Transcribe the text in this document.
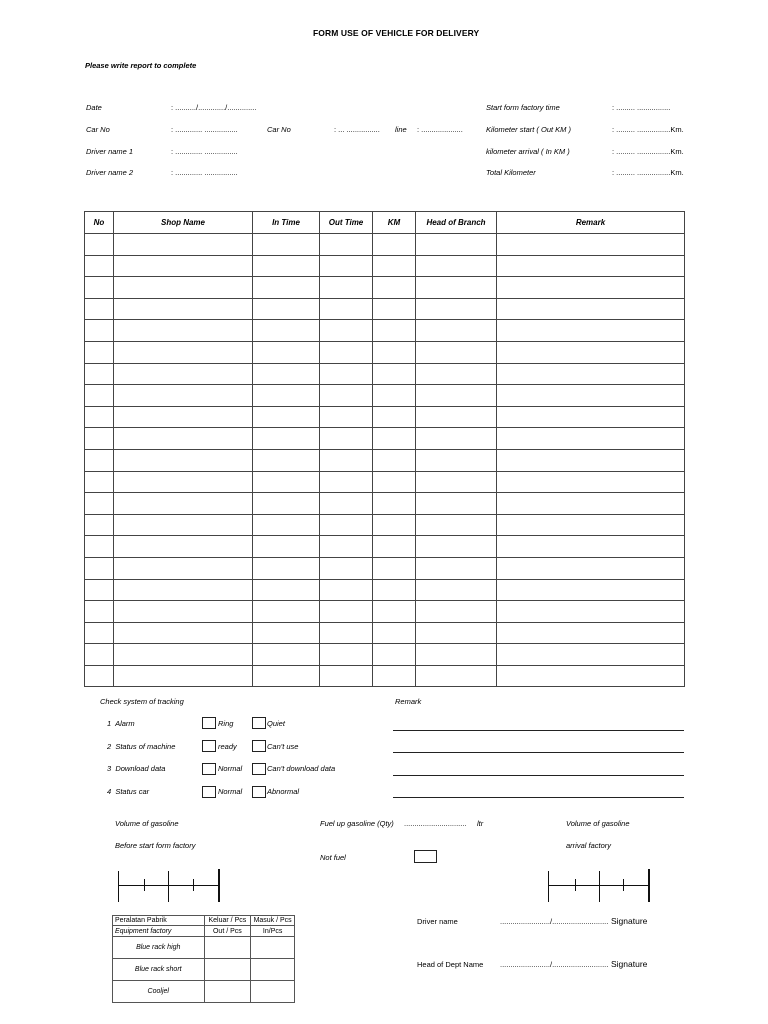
FORM USE OF VEHICLE FOR DELIVERY
Please write report to complete
Date	: ........../............./..............
Car No	: ............. ................	Car No	: ... ................ line : ....................
Driver name 1	: ............. ................
Driver name 2	: ............. ................
Start form factory time	: ......... ................
Kilometer start ( Out KM )	: ......... ................Km.
kilometer arrival ( In KM )	: ......... ................Km.
Total Kilometer	: ......... ................Km.
No	Shop Name	In Time	Out Time	KM	Head of Branch	Remark

Check system of tracking
1 Alarm	Ring	Quiet
2 Status of machine	ready	Can't use
3 Download data	Normal	Can't download data
4 Status car	Normal	Abnormal
Remark
Volume of gasoline
Before start form factory
Fuel up gasoline (Qty) .............................. ltr
Not fuel
Volume of gasoline
arrival factory
Peralatan Pabrik	Keluar / Pcs	Masuk / Pcs
Equipment factory	Out / Pcs	In/Pcs
Blue rack high		
Blue rack short		
Cooljel		
Driver name	......................../........................... Signature
Head of Dept Name ......................../........................... Signature
